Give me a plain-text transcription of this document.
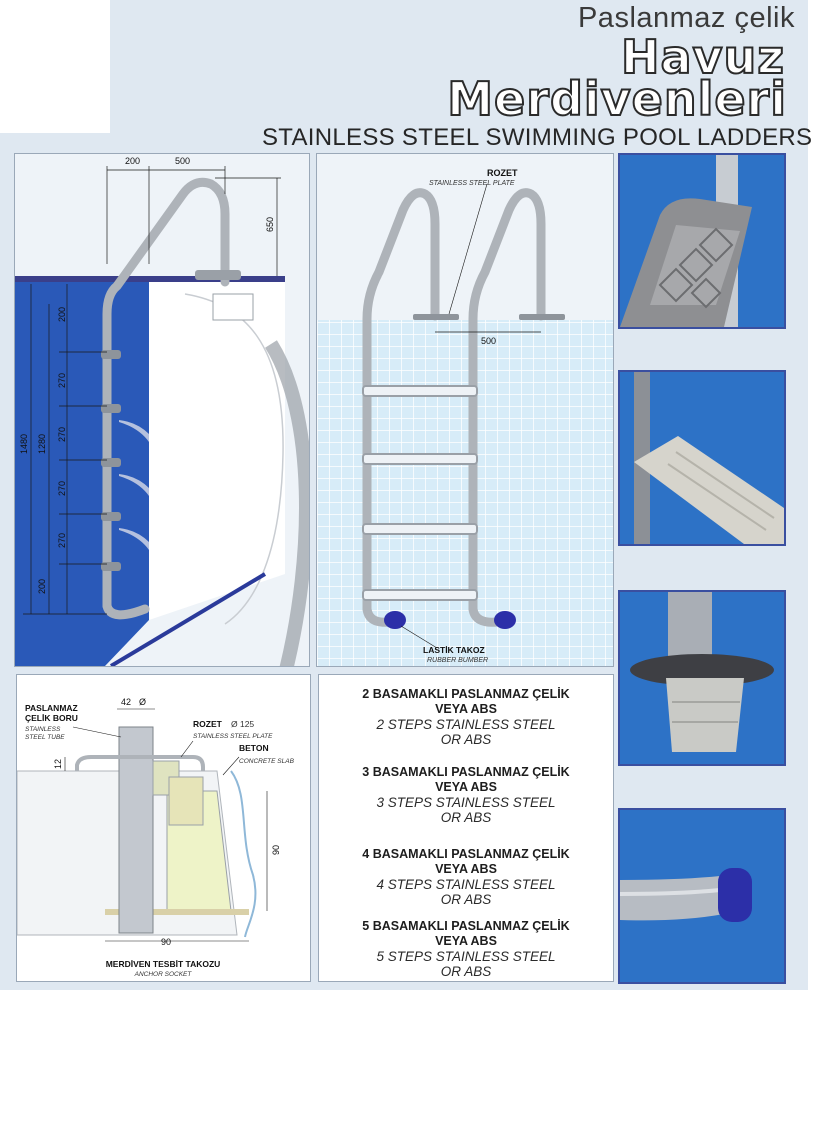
Paslanmaz çelik
Havuz
Merdivenleri
STAINLESS STEEL SWIMMING POOL LADDERS
200	500
650
1480 1280
200
270
270
270
270
200
500
ROZET
STAINLESS STEEL PLATE
LASTİK TAKOZ
RUBBER BUMBER
42 Ø
12
90
90
PASLANMAZ
ÇELİK BORU
STAINLESS
STEEL TUBE
ROZET Ø 125
STAINLESS STEEL PLATE
BETON
CONCRETE SLAB
MERDİVEN TESBİT TAKOZU
ANCHOR SOCKET
2 BASAMAKLI PASLANMAZ ÇELİK
VEYA ABS
2 STEPS STAINLESS STEEL
OR ABS
3 BASAMAKLI PASLANMAZ ÇELİK
VEYA ABS
3 STEPS STAINLESS STEEL
OR ABS
4 BASAMAKLI PASLANMAZ ÇELİK
VEYA ABS
4 STEPS STAINLESS STEEL
OR ABS
5 BASAMAKLI PASLANMAZ ÇELİK
VEYA ABS
5 STEPS STAINLESS STEEL
OR ABS
